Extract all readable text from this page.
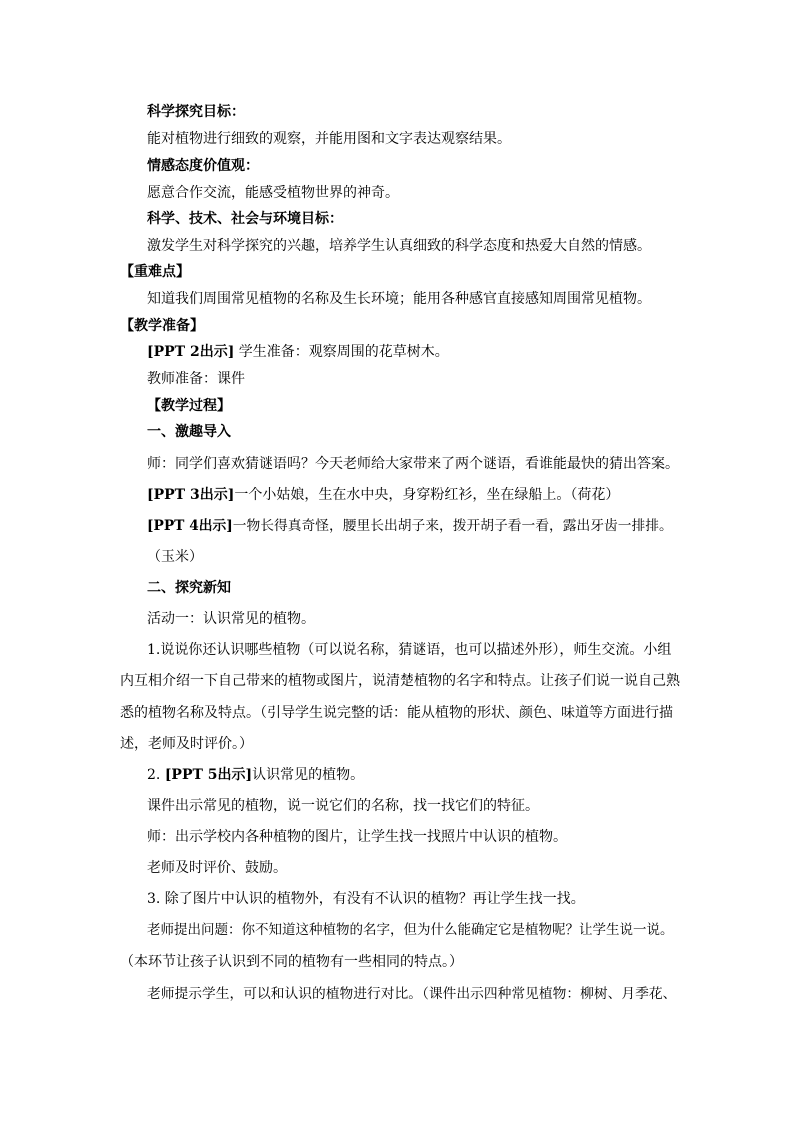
科学探究目标：
能对植物进行细致的观察，并能用图和文字表达观察结果。
情感态度价值观：
愿意合作交流，能感受植物世界的神奇。
科学、技术、社会与环境目标：
激发学生对科学探究的兴趣，培养学生认真细致的科学态度和热爱大自然的情感。
【重难点】
知道我们周围常见植物的名称及生长环境；能用各种感官直接感知周围常见植物。
【教学准备】
[PPT 2出示] 学生准备：观察周围的花草树木。
教师准备：课件
【教学过程】
一、激趣导入
师：同学们喜欢猜谜语吗？今天老师给大家带来了两个谜语，看谁能最快的猜出答案。
[PPT 3出示]一个小姑娘，生在水中央，身穿粉红衫，坐在绿船上。（荷花）
[PPT 4出示]一物长得真奇怪，腰里长出胡子来，拨开胡子看一看，露出牙齿一排排。
（玉米）
二、探究新知
活动一：认识常见的植物。
1.说说你还认识哪些植物（可以说名称，猜谜语，也可以描述外形），师生交流。小组
内互相介绍一下自己带来的植物或图片，说清楚植物的名字和特点。让孩子们说一说自己熟
悉的植物名称及特点。（引导学生说完整的话：能从植物的形状、颜色、味道等方面进行描
述，老师及时评价。）
2. [PPT 5出示]认识常见的植物。
课件出示常见的植物，说一说它们的名称，找一找它们的特征。
师：出示学校内各种植物的图片，让学生找一找照片中认识的植物。
老师及时评价、鼓励。
3. 除了图片中认识的植物外，有没有不认识的植物？再让学生找一找。
老师提出问题：你不知道这种植物的名字，但为什么能确定它是植物呢？让学生说一说。
（本环节让孩子认识到不同的植物有一些相同的特点。）
老师提示学生，可以和认识的植物进行对比。（课件出示四种常见植物：柳树、月季花、
